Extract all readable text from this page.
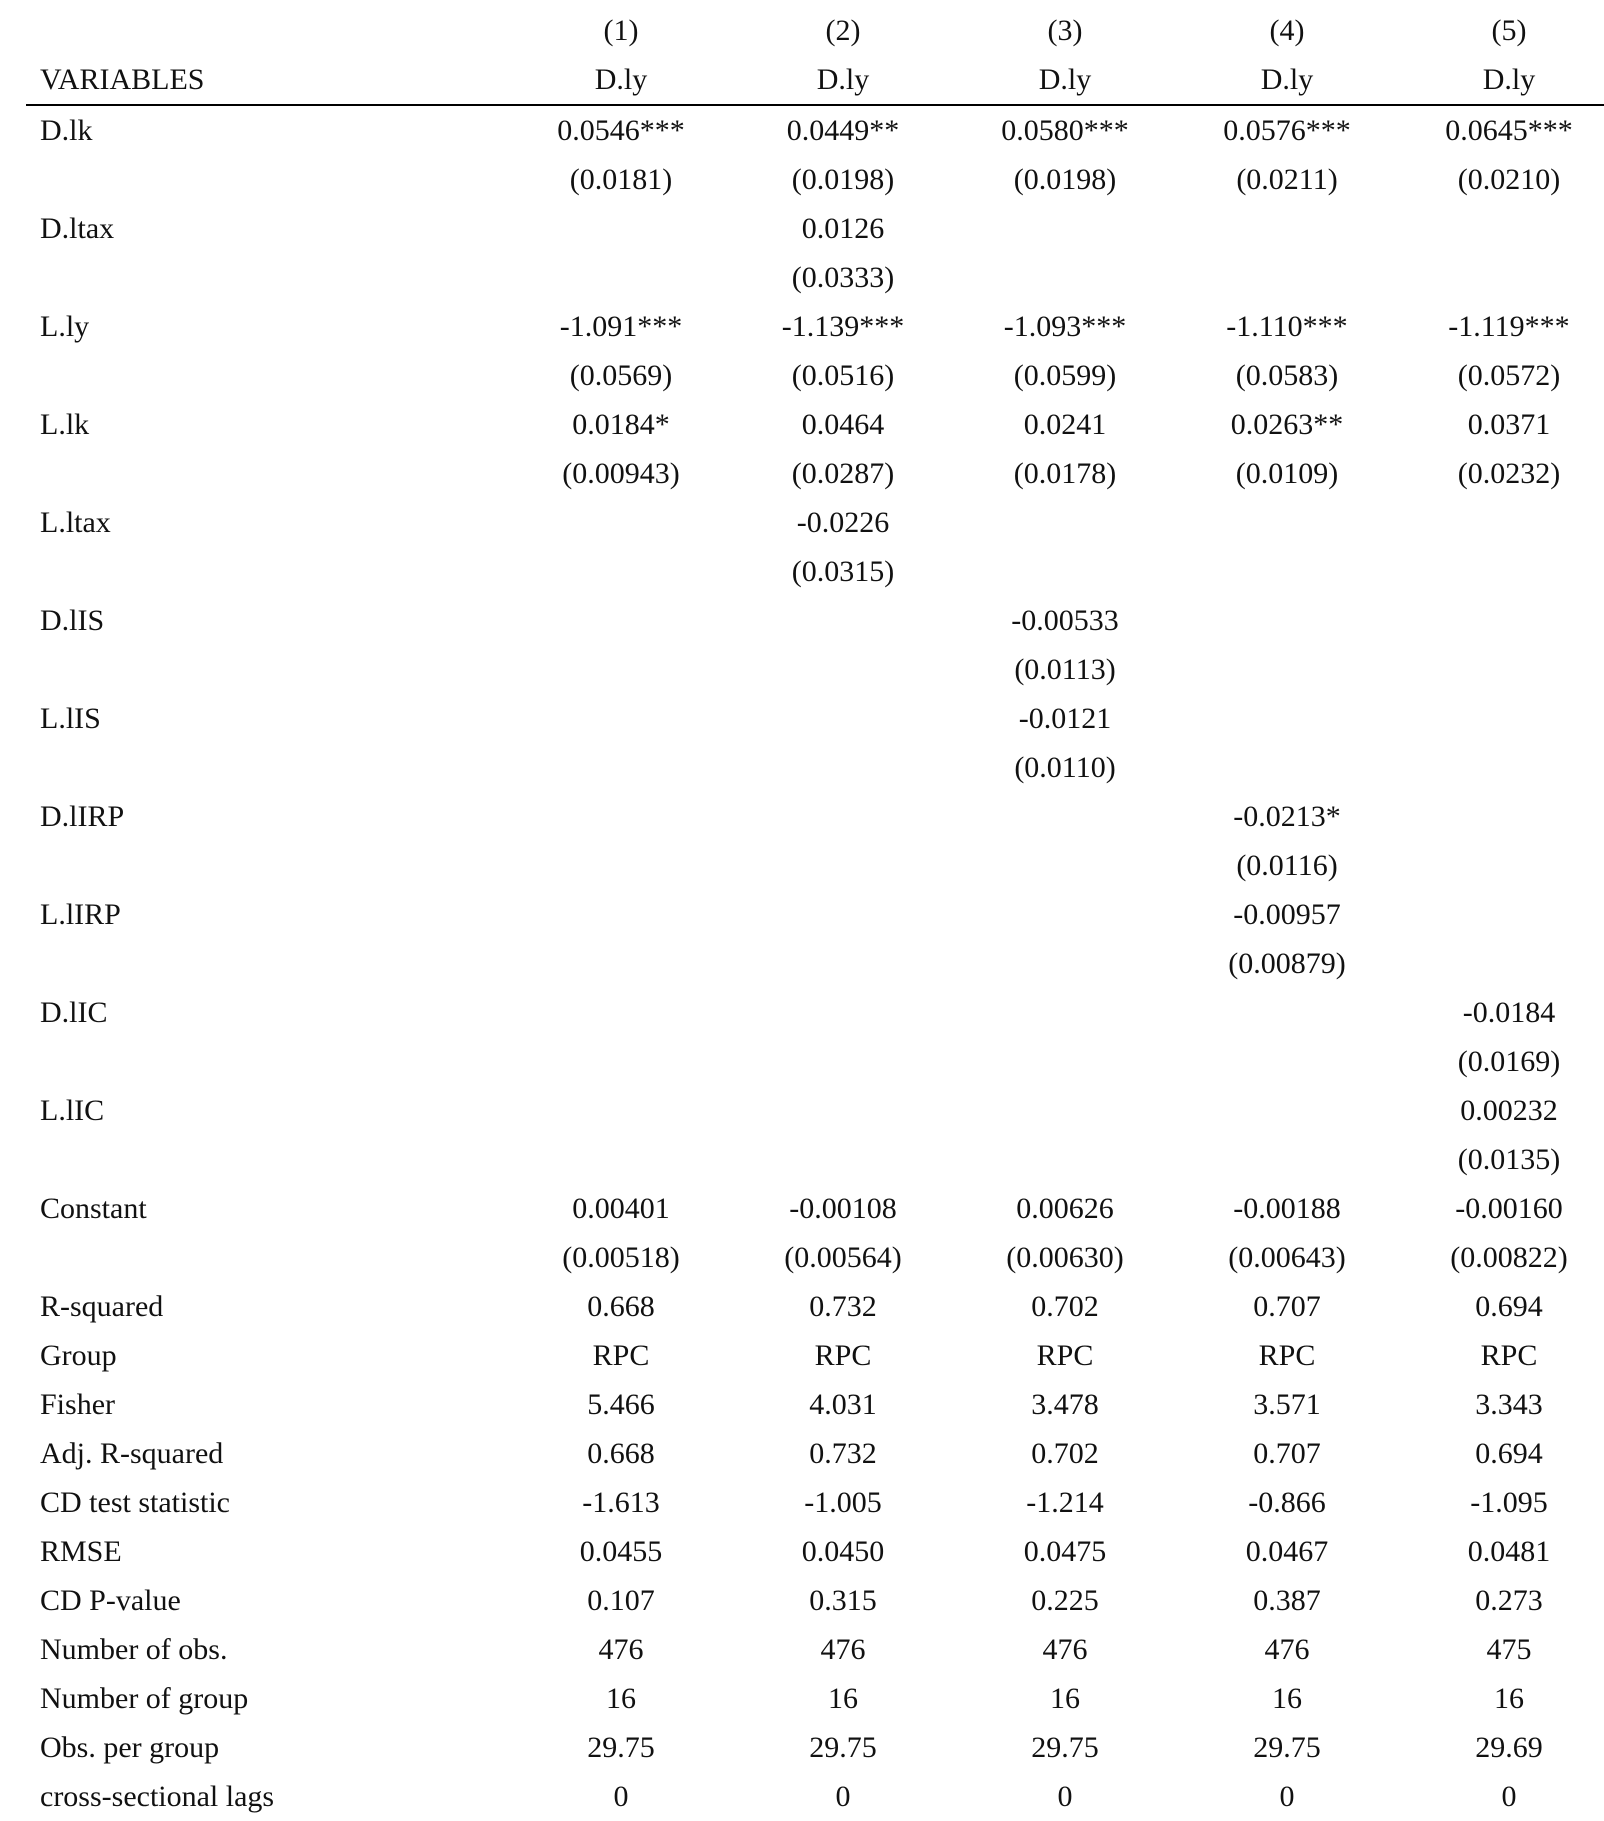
	(1)	(2)	(3)	(4)	(5)
VARIABLES	D.ly	D.ly	D.ly	D.ly	D.ly
D.lk	0.0546***	0.0449**	0.0580***	0.0576***	0.0645***
	(0.0181)	(0.0198)	(0.0198)	(0.0211)	(0.0210)
D.ltax		0.0126			
		(0.0333)			
L.ly	-1.091***	-1.139***	-1.093***	-1.110***	-1.119***
	(0.0569)	(0.0516)	(0.0599)	(0.0583)	(0.0572)
L.lk	0.0184*	0.0464	0.0241	0.0263**	0.0371
	(0.00943)	(0.0287)	(0.0178)	(0.0109)	(0.0232)
L.ltax		-0.0226			
		(0.0315)			
D.lIS			-0.00533		
			(0.0113)		
L.lIS			-0.0121		
			(0.0110)		
D.lIRP				-0.0213*	
				(0.0116)	
L.lIRP				-0.00957	
				(0.00879)	
D.lIC					-0.0184
					(0.0169)
L.lIC					0.00232
					(0.0135)
Constant	0.00401	-0.00108	0.00626	-0.00188	-0.00160
	(0.00518)	(0.00564)	(0.00630)	(0.00643)	(0.00822)
R-squared	0.668	0.732	0.702	0.707	0.694
Group	RPC	RPC	RPC	RPC	RPC
Fisher	5.466	4.031	3.478	3.571	3.343
Adj. R-squared	0.668	0.732	0.702	0.707	0.694
CD test statistic	-1.613	-1.005	-1.214	-0.866	-1.095
RMSE	0.0455	0.0450	0.0475	0.0467	0.0481
CD P-value	0.107	0.315	0.225	0.387	0.273
Number of obs.	476	476	476	476	475
Number of group	16	16	16	16	16
Obs. per group	29.75	29.75	29.75	29.75	29.69
cross-sectional lags	0	0	0	0	0
